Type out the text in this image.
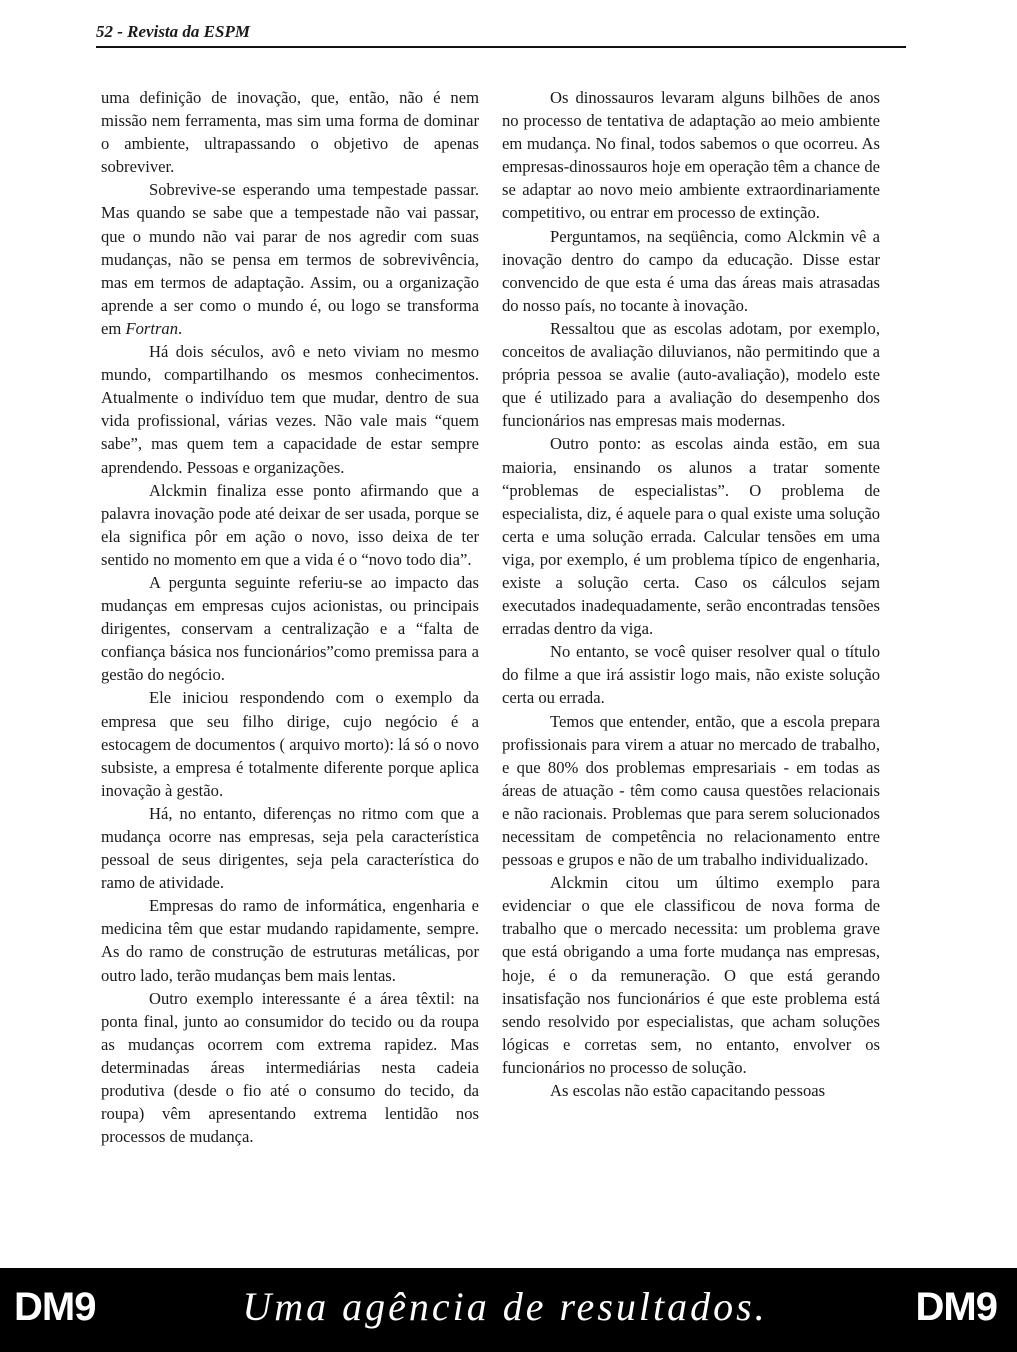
52 - Revista da ESPM

uma definição de inovação, que, então, não é nem missão nem ferramenta, mas sim uma forma de dominar o ambiente, ultrapassando o objetivo de apenas sobreviver.

Sobrevive-se esperando uma tempestade passar. Mas quando se sabe que a tempestade não vai passar, que o mundo não vai parar de nos agredir com suas mudanças, não se pensa em termos de sobrevivência, mas em termos de adaptação. Assim, ou a organização aprende a ser como o mundo é, ou logo se transforma em Fortran.

Há dois séculos, avô e neto viviam no mesmo mundo, compartilhando os mesmos conhecimentos. Atualmente o indivíduo tem que mudar, dentro de sua vida profissional, várias vezes. Não vale mais “quem sabe”, mas quem tem a capacidade de estar sempre aprendendo. Pessoas e organizações.

Alckmin finaliza esse ponto afirmando que a palavra inovação pode até deixar de ser usada, porque se ela significa pôr em ação o novo, isso deixa de ter sentido no momento em que a vida é o “novo todo dia”.

A pergunta seguinte referiu-se ao impacto das mudanças em empresas cujos acionistas, ou principais dirigentes, conservam a centralização e a “falta de confiança básica nos funcionários”como premissa para a gestão do negócio.

Ele iniciou respondendo com o exemplo da empresa que seu filho dirige, cujo negócio é a estocagem de documentos ( arquivo morto): lá só o novo subsiste, a empresa é totalmente diferente porque aplica inovação à gestão.

Há, no entanto, diferenças no ritmo com que a mudança ocorre nas empresas, seja pela característica pessoal de seus dirigentes, seja pela característica do ramo de atividade.

Empresas do ramo de informática, engenharia e medicina têm que estar mudando rapidamente, sempre. As do ramo de construção de estruturas metálicas, por outro lado, terão mudanças bem mais lentas.

Outro exemplo interessante é a área têxtil: na ponta final, junto ao consumidor do tecido ou da roupa as mudanças ocorrem com extrema rapidez. Mas determinadas áreas intermediárias nesta cadeia produtiva (desde o fio até o consumo do tecido, da roupa) vêm apresentando extrema lentidão nos processos de mudança.

Os dinossauros levaram alguns bilhões de anos no processo de tentativa de adaptação ao meio ambiente em mudança. No final, todos sabemos o que ocorreu. As empresas-dinossauros hoje em operação têm a chance de se adaptar ao novo meio ambiente extraordinariamente competitivo, ou entrar em processo de extinção.

Perguntamos, na seqüência, como Alckmin vê a inovação dentro do campo da educação. Disse estar convencido de que esta é uma das áreas mais atrasadas do nosso país, no tocante à inovação.

Ressaltou que as escolas adotam, por exemplo, conceitos de avaliação diluvianos, não permitindo que a própria pessoa se avalie (auto-avaliação), modelo este que é utilizado para a avaliação do desempenho dos funcionários nas empresas mais modernas.

Outro ponto: as escolas ainda estão, em sua maioria, ensinando os alunos a tratar somente “problemas de especialistas”. O problema de especialista, diz, é aquele para o qual existe uma solução certa e uma solução errada. Calcular tensões em uma viga, por exemplo, é um problema típico de engenharia, existe a solução certa. Caso os cálculos sejam executados inadequadamente, serão encontradas tensões erradas dentro da viga.

No entanto, se você quiser resolver qual o título do filme a que irá assistir logo mais, não existe solução certa ou errada.

Temos que entender, então, que a escola prepara profissionais para virem a atuar no mercado de trabalho, e que 80% dos problemas empresariais - em todas as áreas de atuação - têm como causa questões relacionais e não racionais. Problemas que para serem solucionados necessitam de competência no relacionamento entre pessoas e grupos e não de um trabalho individualizado.

Alckmin citou um último exemplo para evidenciar o que ele classificou de nova forma de trabalho que o mercado necessita: um problema grave que está obrigando a uma forte mudança nas empresas, hoje, é o da remuneração. O que está gerando insatisfação nos funcionários é que este problema está sendo resolvido por especialistas, que acham soluções lógicas e corretas sem, no entanto, envolver os funcionários no processo de solução.

As escolas não estão capacitando pessoas

DM9	Uma agência de resultados.	DM9
